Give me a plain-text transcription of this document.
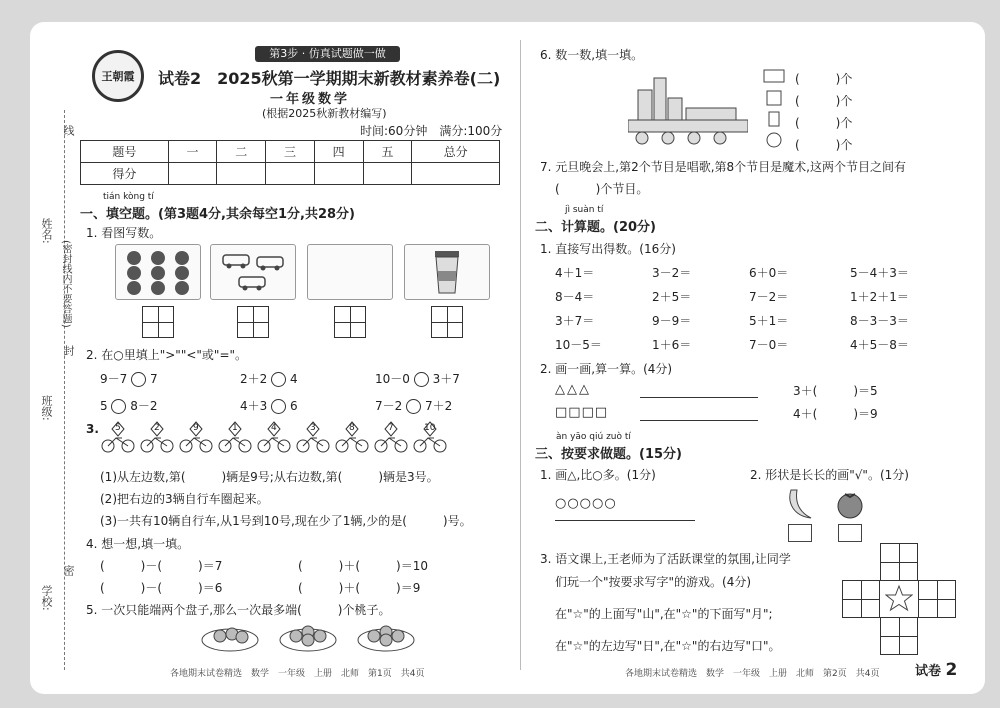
姓名:
班级:
学校:
(密封线内不要答题)
线
封
密
王朝霞
第3步 · 仿真试题做一做
试卷2　2025秋第一学期期末新教材素养卷(二)
一年级数学
(根据2025秋新教材编写)
时间:60分钟　满分:100分
题号	一	二	三	四	五	总分
得分						
tián kòng tí
一、填空题。(第3题4分,其余每空1分,共28分)
1. 看图写数。
2. 在○里填上">""<"或"="。
9－7 7	2＋2 4	10－0 3＋7
5 8－2	4＋3 6	7－2 7＋2
3.
(1)从左边数,第(　　　)辆是9号;从右边数,第(　　　)辆是3号。
(2)把右边的3辆自行车圈起来。
(3)一共有10辆自行车,从1号到10号,现在少了1辆,少的是(　　　)号。
4. 想一想,填一填。
(　　　)－(　　　)＝7	(　　　)＋(　　　)＝10
(　　　)－(　　　)＝6	(　　　)＋(　　　)＝9
5. 一次只能端两个盘子,那么一次最多端(　　　)个桃子。
6. 数一数,填一填。
(　　　)个
(　　　)个
(　　　)个
(　　　)个
7. 元旦晚会上,第2个节目是唱歌,第8个节目是魔术,这两个节目之间有
(　　　)个节目。
jì suàn tí
二、计算题。(20分)
1. 直接写出得数。(16分)
4＋1＝	3－2＝	6＋0＝	5－4＋3＝
8－4＝	2＋5＝	7－2＝	1＋2＋1＝
3＋7＝	9－9＝	5＋1＝	8－3－3＝
10－5＝	1＋6＝	7－0＝	4＋5－8＝
2. 画一画,算一算。(4分)
△△△	3＋(　　　)＝5
□□□□	4＋(　　　)＝9
àn yāo qiú zuò tí
三、按要求做题。(15分)
1. 画△,比○多。(1分)
○○○○○
2. 形状是长长的画"√"。(1分)
3. 语文课上,王老师为了活跃课堂的氛围,让同学
们玩一个"按要求写字"的游戏。(4分)
在"☆"的上面写"山",在"☆"的下面写"月";
在"☆"的左边写"日",在"☆"的右边写"口"。
各地期末试卷精选　数学　一年级　上册　北师　第1页　共4页	各地期末试卷精选　数学　一年级　上册　北师　第2页　共4页	试卷 2
5	2	9	1	4	3	8	7	10
